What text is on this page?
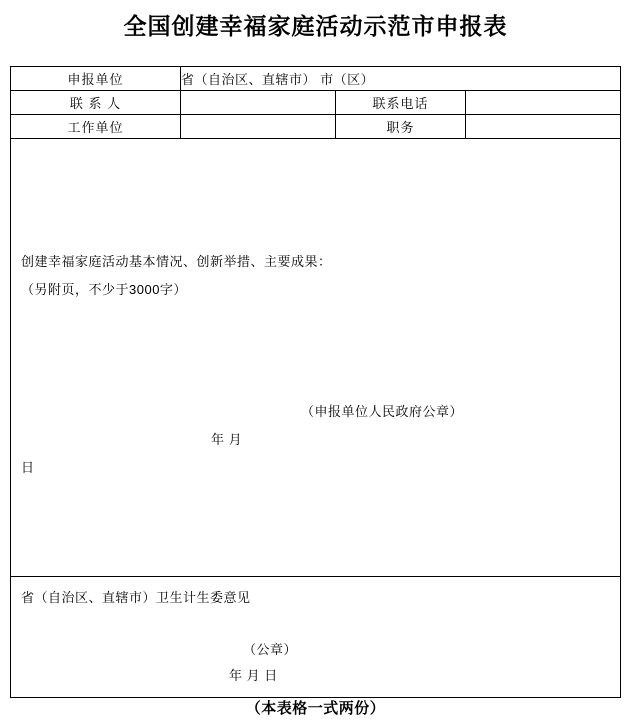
全国创建幸福家庭活动示范市申报表
申报单位	省（自治区、直辖市） 市（区）		
联 系 人		联系电话	
工作单位		职务	

创建幸福家庭活动基本情况、创新举措、主要成果：
（另附页，不少于3000字）
（申报单位人民政府公章）
年 月
日			

省（自治区、直辖市）卫生计生委意见
（公章）
年 月 日			
（本表格一式两份）
